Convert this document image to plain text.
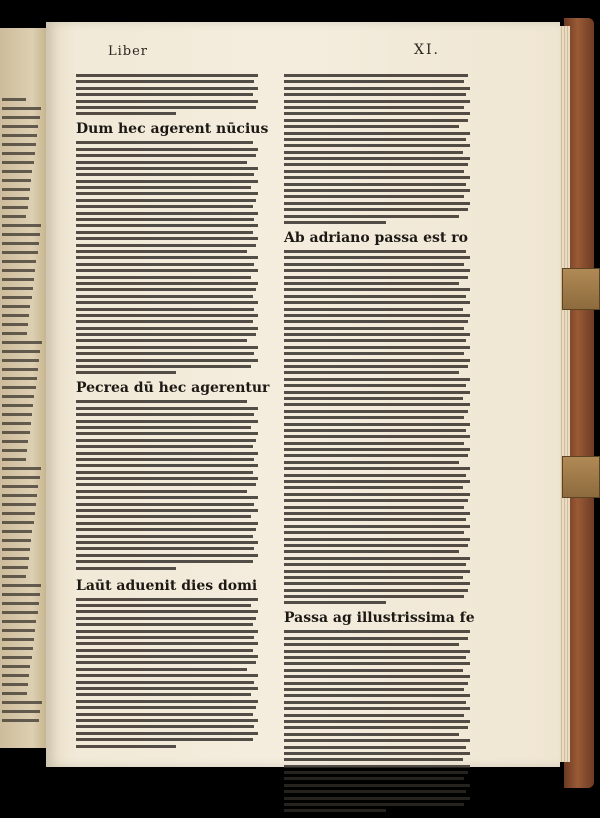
Liber	XI.
Dum hec agerent nūcius
Pecrea dū hec agerentur
Laūt aduenit dies domi
Ab adriano passa est ro
Passa ag illustrissima fe
